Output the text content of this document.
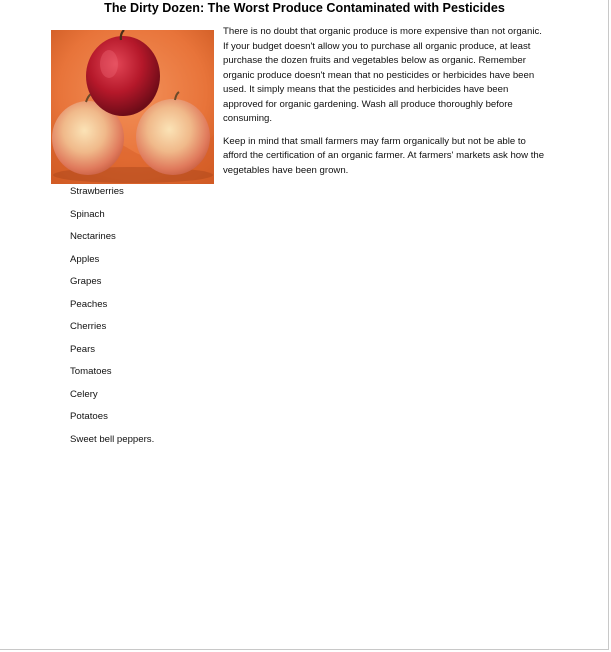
The Dirty Dozen: The Worst Produce Contaminated with Pesticides

There is no doubt that organic produce is more expensive than not organic. If your budget doesn't allow you to purchase all organic produce, at least purchase the dozen fruits and vegetables below as organic. Remember organic produce doesn't mean that no pesticides or herbicides have been used. It simply means that the pesticides and herbicides have been approved for organic gardening. Wash all produce thoroughly before consuming.

Keep in mind that small farmers may farm organically but not be able to afford the certification of an organic farmer. At farmers' markets ask how the vegetables have been grown.

Strawberries
Spinach
Nectarines
Apples
Grapes
Peaches
Cherries
Pears
Tomatoes
Celery
Potatoes
Sweet bell peppers.
